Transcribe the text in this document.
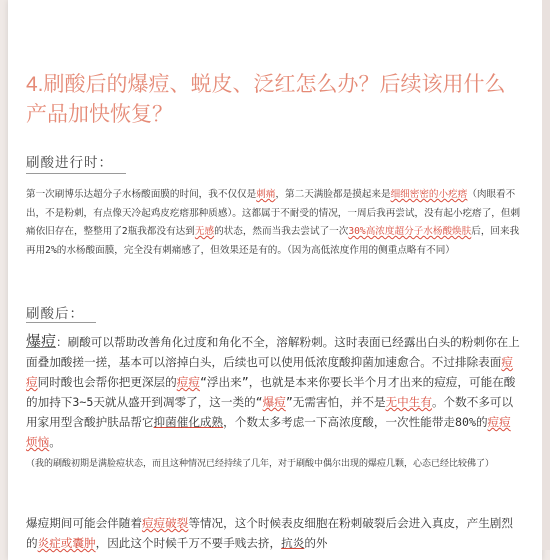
4.刷酸后的爆痘、蜕皮、泛红怎么办？后续该用什么产品加快恢复？
刷酸进行时：

第一次刷博乐达超分子水杨酸面膜的时间，我不仅仅是刺痛，第二天满脸都是摸起来是细细密密的小疙瘩（肉眼看不出，不是粉刺，有点像天冷起鸡皮疙瘩那种质感）。这都属于不耐受的情况，一周后我再尝试，没有起小疙瘩了，但刺痛依旧存在，整整用了2瓶我都没有达到无感的状态，然而当我去尝试了一次30%高浓度超分子水杨酸焕肤后，回来我再用2%的水杨酸面膜，完全没有刺痛感了，但效果还是有的。（因为高低浓度作用的侧重点略有不同）

刷酸后：

爆痘：刷酸可以帮助改善角化过度和角化不全，溶解粉刺。这时表面已经露出白头的粉刺你在上面叠加酸搓一搓，基本可以溶掉白头，后续也可以使用低浓度酸抑菌加速愈合。不过排除表面痘痘同时酸也会帮你把更深层的痘痘“浮出来”，也就是本来你要长半个月才出来的痘痘，可能在酸的加持下3~5天就从盛开到凋零了，这一类的“爆痘”无需害怕，并不是无中生有。个数不多可以用家用型含酸护肤品帮它抑菌催化成熟，个数太多考虑一下高浓度酸，一次性能带走80%的痘痘烦恼。（我的刷酸初期是满脸痘状态，而且这种情况已经持续了几年，对于刷酸中偶尔出现的爆痘几颗，心态已经比较佛了）

爆痘期间可能会伴随着痘痘破裂等情况，这个时候表皮细胞在粉刺破裂后会进入真皮，产生剧烈的炎症或囊肿，因此这个时候千万不要手贱去挤，抗炎的外
